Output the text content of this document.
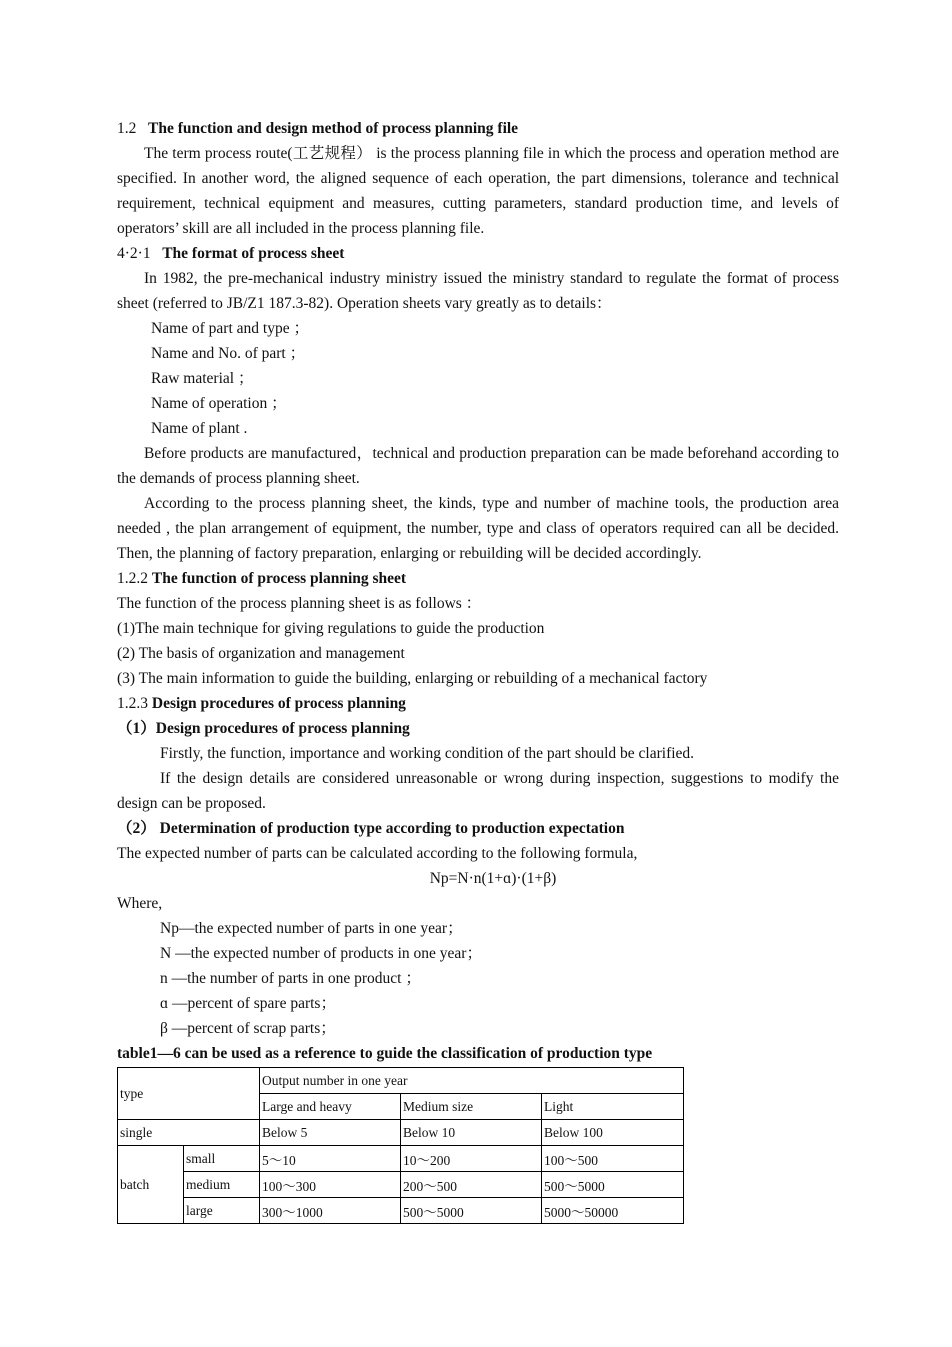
1.2 The function and design method of process planning file
The term process route(工艺规程） is the process planning file in which the process and operation method are specified. In another word, the aligned sequence of each operation, the part dimensions, tolerance and technical requirement, technical equipment and measures, cutting parameters, standard production time, and levels of operators’ skill are all included in the process planning file.
4·2·1 The format of process sheet
In 1982, the pre-mechanical industry ministry issued the ministry standard to regulate the format of process sheet (referred to JB/Z1 187.3-82). Operation sheets vary greatly as to details：
Name of part and type ；
Name and No. of part ；
Raw material ；
Name of operation ；
Name of plant .
Before products are manufactured，technical and production preparation can be made beforehand according to the demands of process planning sheet.
According to the process planning sheet, the kinds, type and number of machine tools, the production area needed , the plan arrangement of equipment, the number, type and class of operators required can all be decided. Then, the planning of factory preparation, enlarging or rebuilding will be decided accordingly.
1.2.2 The function of process planning sheet
The function of the process planning sheet is as follows ：
(1)The main technique for giving regulations to guide the production
(2) The basis of organization and management
(3) The main information to guide the building, enlarging or rebuilding of a mechanical factory
1.2.3 Design procedures of process planning
（1）Design procedures of process planning
Firstly, the function, importance and working condition of the part should be clarified.
If the design details are considered unreasonable or wrong during inspection, suggestions to modify the design can be proposed.
（2） Determination of production type according to production expectation
The expected number of parts can be calculated according to the following formula,
Np=N·n(1+ɑ)·(1+β)
Where,
Np—the expected number of parts in one year；
N —the expected number of products in one year；
n —the number of parts in one product ；
ɑ —percent of spare parts；
β —percent of scrap parts；
table1—6 can be used as a reference to guide the classification of production type
type		Output number in one year		
		Large and heavy	Medium size	Light
single		Below 5	Below 10	Below 100
batch	small	5～10	10～200	100～500
	medium	100～300	200～500	500～5000
	large	300～1000	500～5000	5000～50000
